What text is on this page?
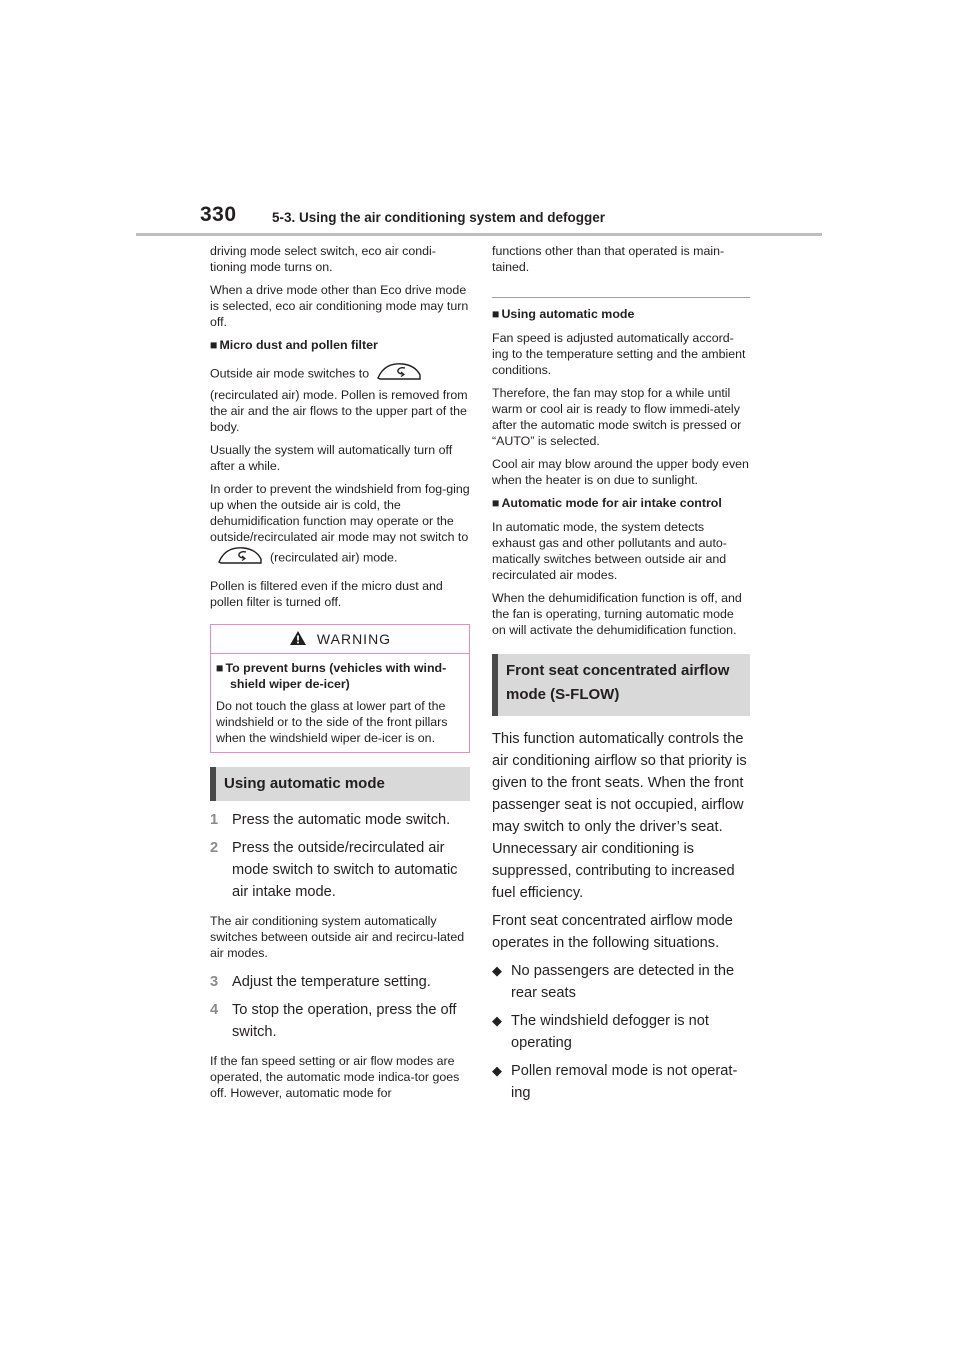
330	5-3. Using the air conditioning system and defogger

driving mode select switch, eco air condi-tioning mode turns on.

When a drive mode other than Eco drive mode is selected, eco air conditioning mode may turn off.

■ Micro dust and pollen filter

Outside air mode switches to(recirculated air) mode. Pollen is removed from the air and the air flows to the upper part of the body.

Usually the system will automatically turn off after a while.

In order to prevent the windshield from fog-ging up when the outside air is cold, the dehumidification function may operate or the outside/recirculated air mode may not switch to(recirculated air) mode.

Pollen is filtered even if the micro dust and pollen filter is turned off.

WARNING

■ To prevent burns (vehicles with wind-shield wiper de-icer)

Do not touch the glass at lower part of the windshield or to the side of the front pillars when the windshield wiper de-icer is on.

Using automatic mode
1 Press the automatic mode switch.
2 Press the outside/recirculated air mode switch to switch to automatic air intake mode.

The air conditioning system automatically switches between outside air and recircu-lated air modes.

3 Adjust the temperature setting.
4 To stop the operation, press the off switch.

If the fan speed setting or air flow modes are operated, the automatic mode indica-tor goes off. However, automatic mode for

functions other than that operated is main-tained.

■ Using automatic mode

Fan speed is adjusted automatically accord-ing to the temperature setting and the ambient conditions.

Therefore, the fan may stop for a while until warm or cool air is ready to flow immedi-ately after the automatic mode switch is pressed or “AUTO” is selected.

Cool air may blow around the upper body even when the heater is on due to sunlight.

■ Automatic mode for air intake control

In automatic mode, the system detects exhaust gas and other pollutants and auto-matically switches between outside air and recirculated air modes.

When the dehumidification function is off, and the fan is operating, turning automatic mode on will activate the dehumidification function.

Front seat concentrated airflow mode (S-FLOW)

This function automatically controls the air conditioning airflow so that priority is given to the front seats. When the front passenger seat is not occupied, airflow may switch to only the driver’s seat. Unnecessary air conditioning is suppressed, contributing to increased fuel efficiency.

Front seat concentrated airflow mode operates in the following situations.

◆ No passengers are detected in the rear seats
◆ The windshield defogger is not operating
◆ Pollen removal mode is not operat-ing
